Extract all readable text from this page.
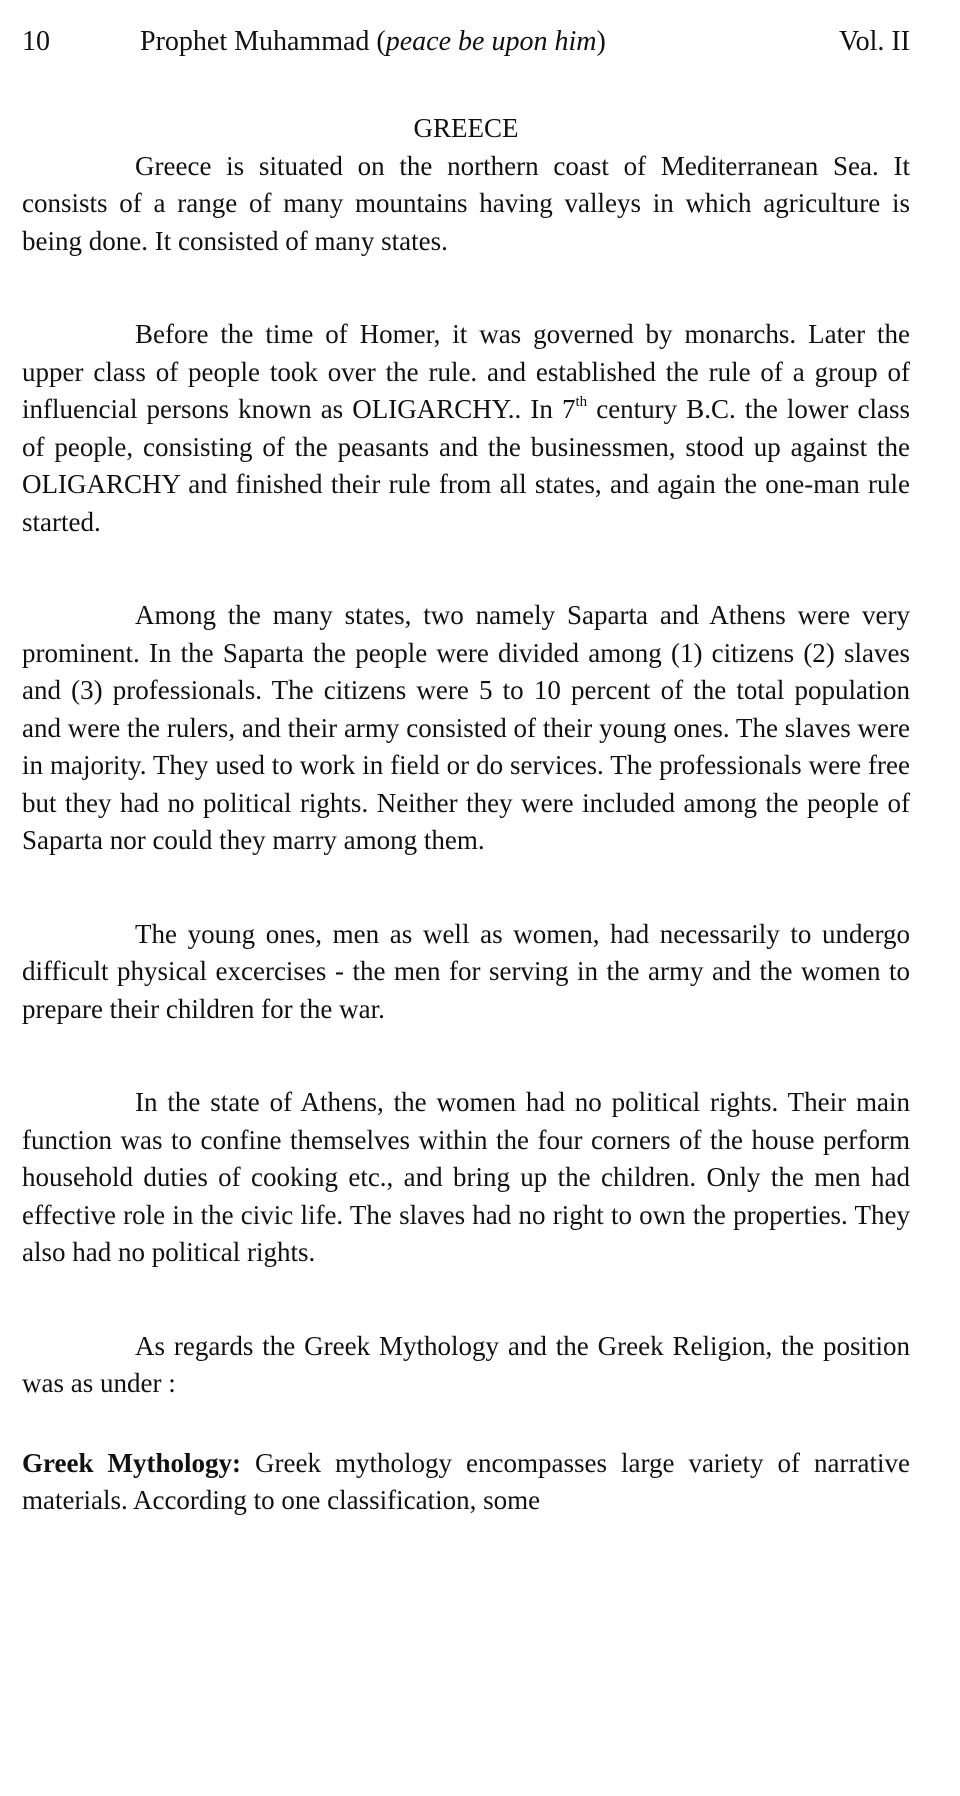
10	Prophet Muhammad (peace be upon him)	Vol. II
GREECE

Greece is situated on the northern coast of Mediterranean Sea. It consists of a range of many mountains having valleys in which agriculture is being done. It consisted of many states.

Before the time of Homer, it was governed by monarchs. Later the upper class of people took over the rule. and established the rule of a group of influencial persons known as OLIGARCHY.. In 7th century B.C. the lower class of people, consisting of the peasants and the businessmen, stood up against the OLIGARCHY and finished their rule from all states, and again the one-man rule started.

Among the many states, two namely Saparta and Athens were very prominent. In the Saparta the people were divided among (1) citizens (2) slaves and (3) professionals. The citizens were 5 to 10 percent of the total population and were the rulers, and their army consisted of their young ones. The slaves were in majority. They used to work in field or do services. The professionals were free but they had no political rights. Neither they were included among the people of Saparta nor could they marry among them.

The young ones, men as well as women, had necessarily to undergo difficult physical excercises - the men for serving in the army and the women to prepare their children for the war.

In the state of Athens, the women had no political rights. Their main function was to confine themselves within the four corners of the house perform household duties of cooking etc., and bring up the children. Only the men had effective role in the civic life. The slaves had no right to own the properties. They also had no political rights.

As regards the Greek Mythology and the Greek Religion, the position was as under :

Greek Mythology: Greek mythology encompasses large variety of narrative materials. According to one classification, some
